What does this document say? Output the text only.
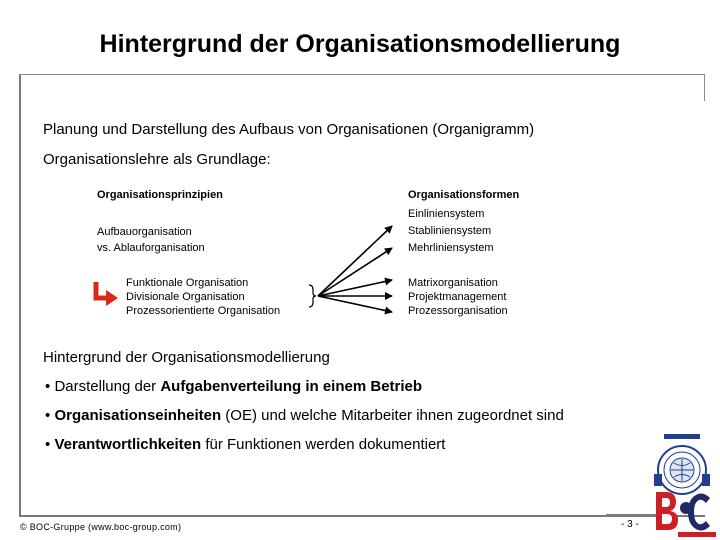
Hintergrund der Organisationsmodellierung
Planung und Darstellung des Aufbaus von Organisationen (Organigramm)
Organisationslehre als Grundlage:
Organisationsprinzipien
Aufbauorganisation
vs. Ablauforganisation
Funktionale Organisation
Divisionale Organisation
Prozessorientierte Organisation
Organisationsformen
Einliniensystem
Stabliniensystem
Mehrliniensystem
Matrixorganisation
Projektmanagement
Prozessorganisation
Hintergrund der Organisationsmodellierung
• Darstellung der Aufgabenverteilung in einem Betrieb
• Organisationseinheiten (OE) und welche Mitarbeiter ihnen zugeordnet sind
• Verantwortlichkeiten für Funktionen werden dokumentiert
© BOC-Gruppe (www.boc-group.com)	- 3 -
